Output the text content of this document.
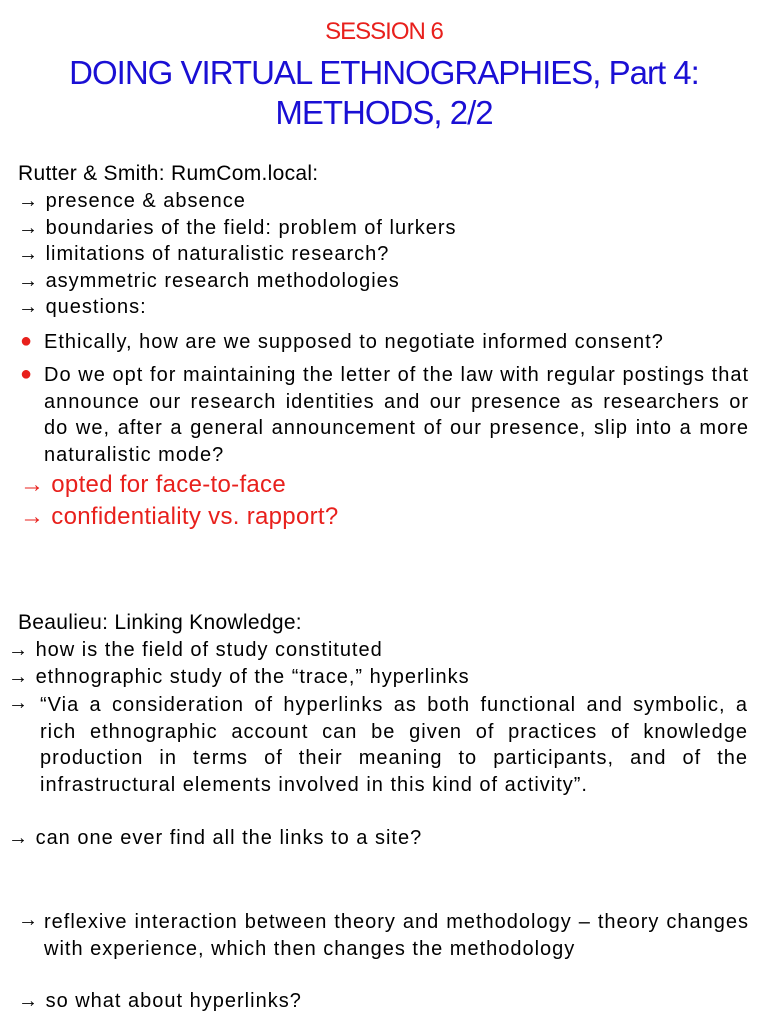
SESSION 6
DOING VIRTUAL ETHNOGRAPHIES, Part 4:
METHODS, 2/2
Rutter & Smith: RumCom.local:
→ presence & absence
→ boundaries of the field: problem of lurkers
→ limitations of naturalistic research?
→ asymmetric research methodologies
→ questions:
● Ethically, how are we supposed to negotiate informed consent?
● Do we opt for maintaining the letter of the law with regular postings that announce our research identities and our presence as researchers or do we, after a general announcement of our presence, slip into a more naturalistic mode?
→ opted for face-to-face
→ confidentiality vs. rapport?
Beaulieu: Linking Knowledge:
→ how is the field of study constituted
→ ethnographic study of the “trace,” hyperlinks
→ “Via a consideration of hyperlinks as both functional and symbolic, a rich ethnographic account can be given of practices of knowledge production in terms of their meaning to participants, and of the infrastructural elements involved in this kind of activity”.
→ can one ever find all the links to a site?
→ reflexive interaction between theory and methodology – theory changes with experience, which then changes the methodology
→ so what about hyperlinks?
